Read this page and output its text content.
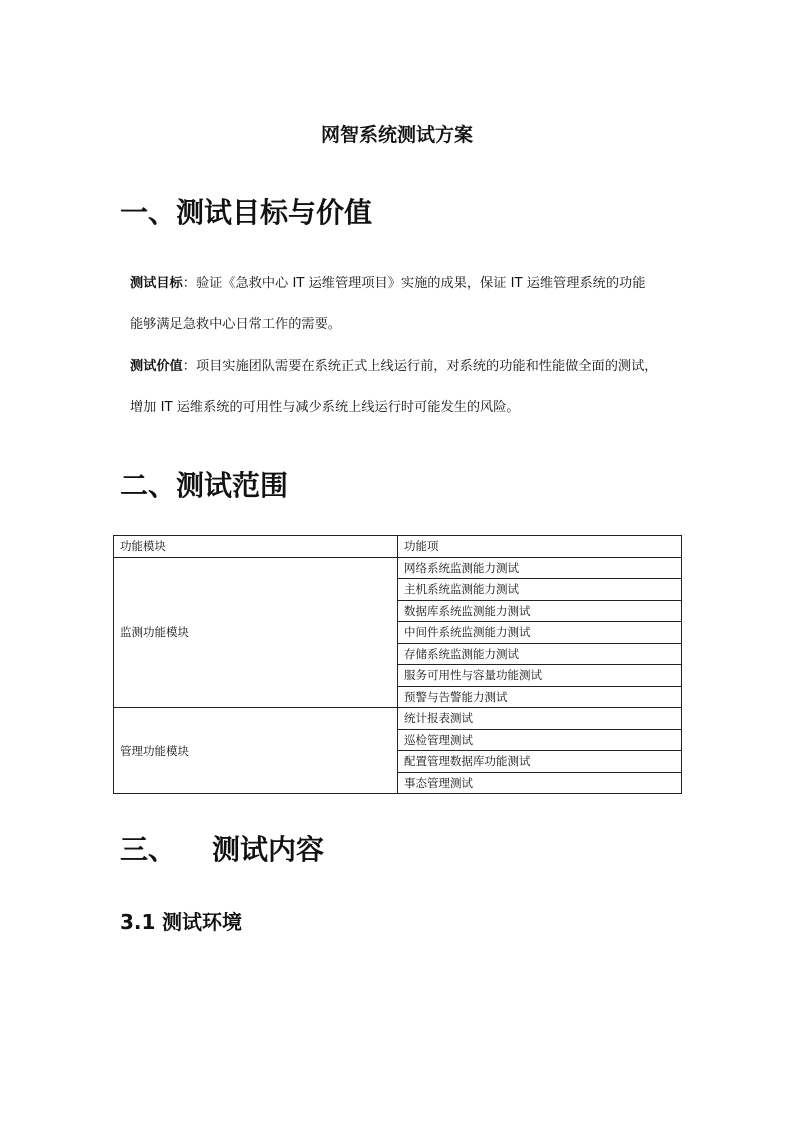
网智系统测试方案
一、测试目标与价值
测试目标：验证《急救中心 IT 运维管理项目》实施的成果，保证 IT 运维管理系统的功能
能够满足急救中心日常工作的需要。
测试价值：项目实施团队需要在系统正式上线运行前，对系统的功能和性能做全面的测试，
增加 IT 运维系统的可用性与减少系统上线运行时可能发生的风险。
二、测试范围
功能模块	功能项
监测功能模块	网络系统监测能力测试
	主机系统监测能力测试
	数据库系统监测能力测试
	中间件系统监测能力测试
	存储系统监测能力测试
	服务可用性与容量功能测试
	预警与告警能力测试
管理功能模块	统计报表测试
	巡检管理测试
	配置管理数据库功能测试
	事态管理测试
三、 测试内容
3.1 测试环境
